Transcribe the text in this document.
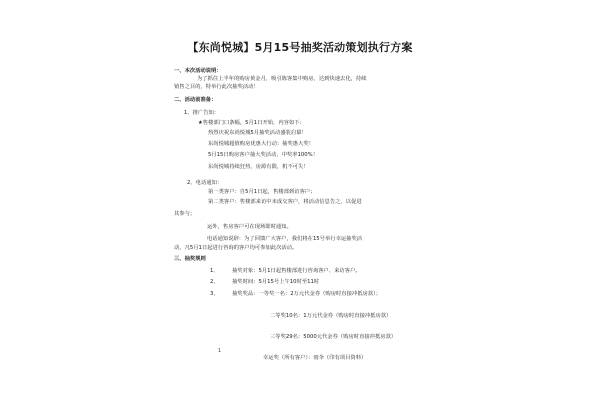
【东尚悦城】5月15号抽奖活动策划执行方案
一、本次活动说明：
为了抓住上半年的购房黄金月，吸引陈客集中购房，达到快速去化，持续
销售之目的，特举行此次抽奖活动！
二、活动前准备：
1、推广告知：
★售楼部门口条幅，5月1日开始，内容如下：
热烈庆祝东尚悦城5月抽奖活动盛装启幕！
东尚悦城超值购房优惠大行动：抽奖惠大奖！
5月15日购房客户抽大奖活动，中奖率100%！
东尚悦城持续狂热，房源有限，机不可失！
2、电话通知：
第一类客户：自5月1日起，售楼部到访客户；
第二类客户：售楼部来访中未成交客户，将活动信息告之，以促进
其参与；
运外，售房客户可在现场即时通知。
电话通知说辞：为了回馈广大客户，我们将在15号举行幸运抽奖活
动，凡5月1日起进行咨询的客户均可参加此次活动。
三、抽奖规则
1、	抽奖对象：5月1日起售楼部进行咨询客户、来访客户。
2、	抽奖时间：5月15号上午10时至11时
3、	抽奖奖品：一等奖一名：2万元代金券（购房时直接冲抵房款）；
二等奖10名：1万元代金券（购房时直接冲抵房款）
三等奖29名：5000元代金券（购房时直接冲抵房款）
1
幸运奖（所有客户）：雨伞（印有项目资料）
